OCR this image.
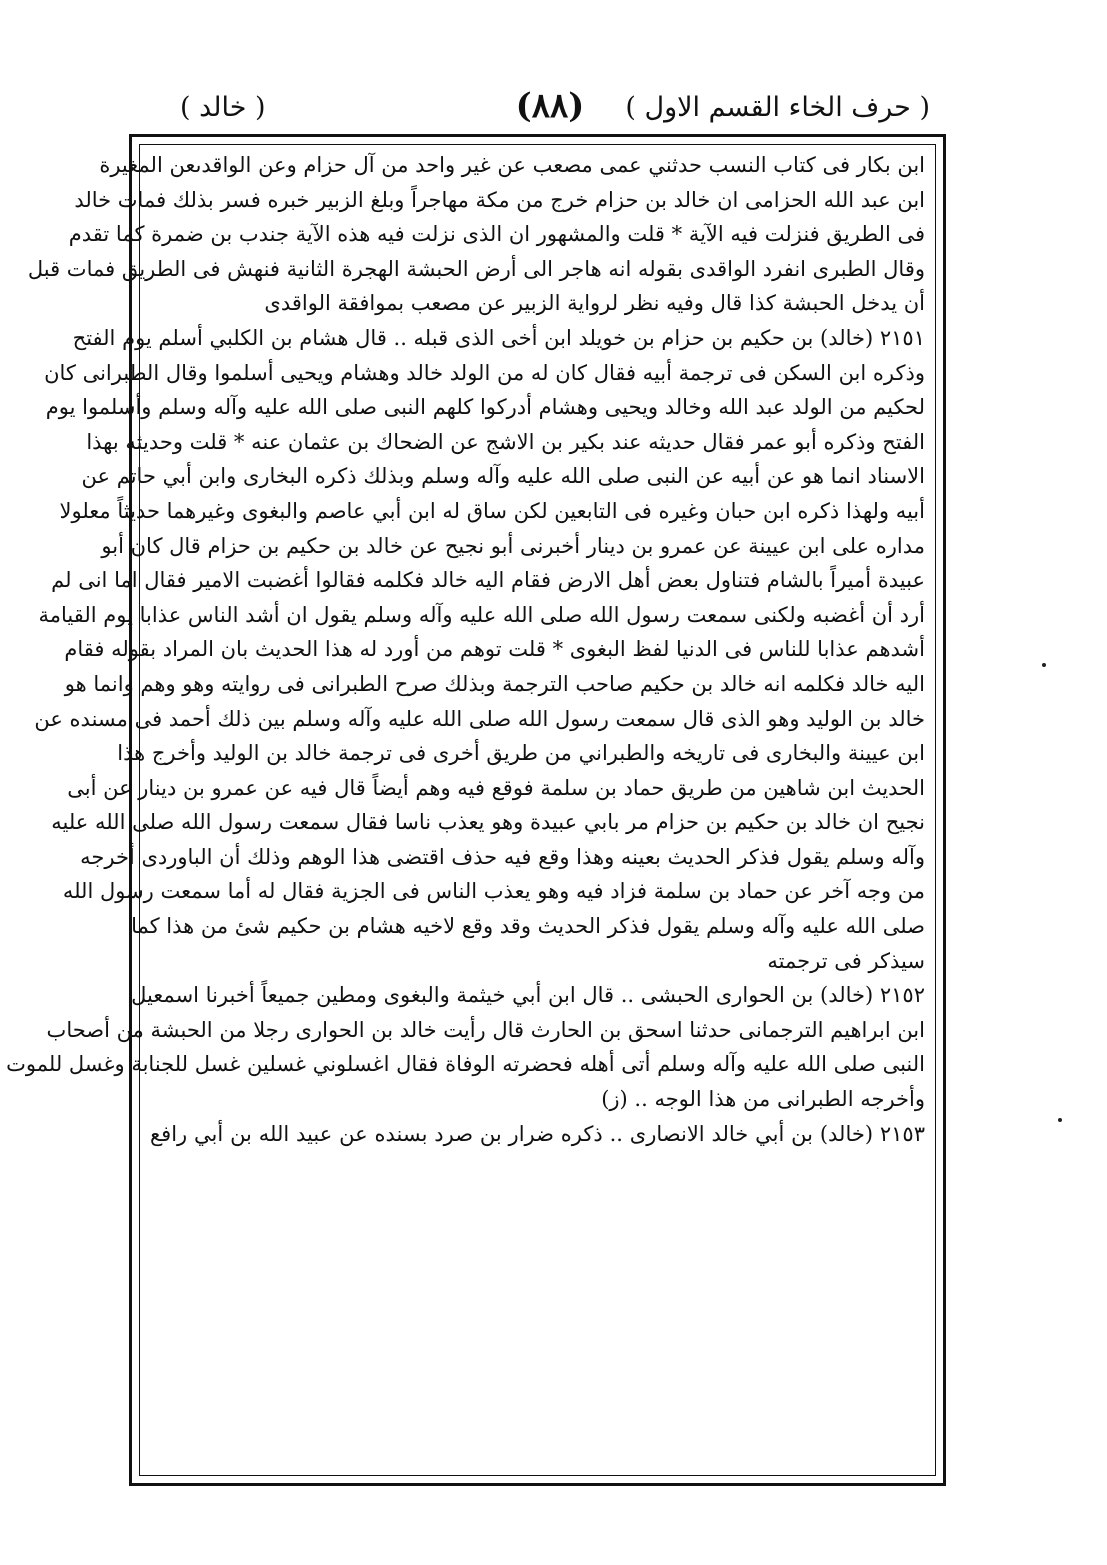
( حرف الخاء القسم الاول )
(٨٨)
( خالد )
ابن بكار فى كتاب النسب حدثني عمى مصعب عن غير واحد من آل حزام وعن الواقدىعن المغيرة
ابن عبد الله الحزامى ان خالد بن حزام خرج من مكة مهاجراً وبلغ الزبير خبره فسر بذلك فمات خالد
فى الطريق فنزلت فيه الآية * قلت والمشهور ان الذى نزلت فيه هذه الآية جندب بن ضمرة كما تقدم
وقال الطبرى انفرد الواقدى بقوله انه هاجر الى أرض الحبشة الهجرة الثانية فنهش فى الطريق فمات قبل
أن يدخل الحبشة كذا قال وفيه نظر لرواية الزبير عن مصعب بموافقة الواقدى
٢١٥١ (خالد) بن حكيم بن حزام بن خويلد ابن أخى الذى قبله .. قال هشام بن الكلبي أسلم يوم الفتح
وذكره ابن السكن فى ترجمة أبيه فقال كان له من الولد خالد وهشام ويحيى أسلموا وقال الطبرانى كان
لحكيم من الولد عبد الله وخالد ويحيى وهشام أدركوا كلهم النبى صلى الله عليه وآله وسلم وأسلموا يوم
الفتح وذكره أبو عمر فقال حديثه عند بكير بن الاشج عن الضحاك بن عثمان عنه * قلت وحديثه بهذا
الاسناد انما هو عن أبيه عن النبى صلى الله عليه وآله وسلم وبذلك ذكره البخارى وابن أبي حاتم عن
أبيه ولهذا ذكره ابن حبان وغيره فى التابعين لكن ساق له ابن أبي عاصم والبغوى وغيرهما حديثاً معلولا
مداره على ابن عيينة عن عمرو بن دينار أخبرنى أبو نجيح عن خالد بن حكيم بن حزام قال كان أبو
عبيدة أميراً بالشام فتناول بعض أهل الارض فقام اليه خالد فكلمه فقالوا أغضبت الامير فقال اما انى لم
أرد أن أغضبه ولكنى سمعت رسول الله صلى الله عليه وآله وسلم يقول ان أشد الناس عذابا يوم القيامة
أشدهم عذابا للناس فى الدنيا لفظ البغوى * قلت توهم من أورد له هذا الحديث بان المراد بقوله فقام
اليه خالد فكلمه انه خالد بن حكيم صاحب الترجمة وبذلك صرح الطبرانى فى روايته وهو وهم وانما هو
خالد بن الوليد وهو الذى قال سمعت رسول الله صلى الله عليه وآله وسلم بين ذلك أحمد فى مسنده عن
ابن عيينة والبخارى فى تاريخه والطبراني من طريق أخرى فى ترجمة خالد بن الوليد وأخرج هذا
الحديث ابن شاهين من طريق حماد بن سلمة فوقع فيه وهم أيضاً قال فيه عن عمرو بن دينار عن أبى
نجيح ان خالد بن حكيم بن حزام مر بابي عبيدة وهو يعذب ناسا فقال سمعت رسول الله صلى الله عليه
وآله وسلم يقول فذكر الحديث بعينه وهذا وقع فيه حذف اقتضى هذا الوهم وذلك أن الباوردى أخرجه
من وجه آخر عن حماد بن سلمة فزاد فيه وهو يعذب الناس فى الجزية فقال له أما سمعت رسول الله
صلى الله عليه وآله وسلم يقول فذكر الحديث وقد وقع لاخيه هشام بن حكيم شئ من هذا كما
سيذكر فى ترجمته
٢١٥٢ (خالد) بن الحوارى الحبشى .. قال ابن أبي خيثمة والبغوى ومطين جميعاً أخبرنا اسمعيل
ابن ابراهيم الترجمانى حدثنا اسحق بن الحارث قال رأيت خالد بن الحوارى رجلا من الحبشة من أصحاب
النبى صلى الله عليه وآله وسلم أتى أهله فحضرته الوفاة فقال اغسلوني غسلين غسل للجنابة وغسل للموت
وأخرجه الطبرانى من هذا الوجه .. (ز)
٢١٥٣ (خالد) بن أبي خالد الانصارى .. ذكره ضرار بن صرد بسنده عن عبيد الله بن أبي رافع
